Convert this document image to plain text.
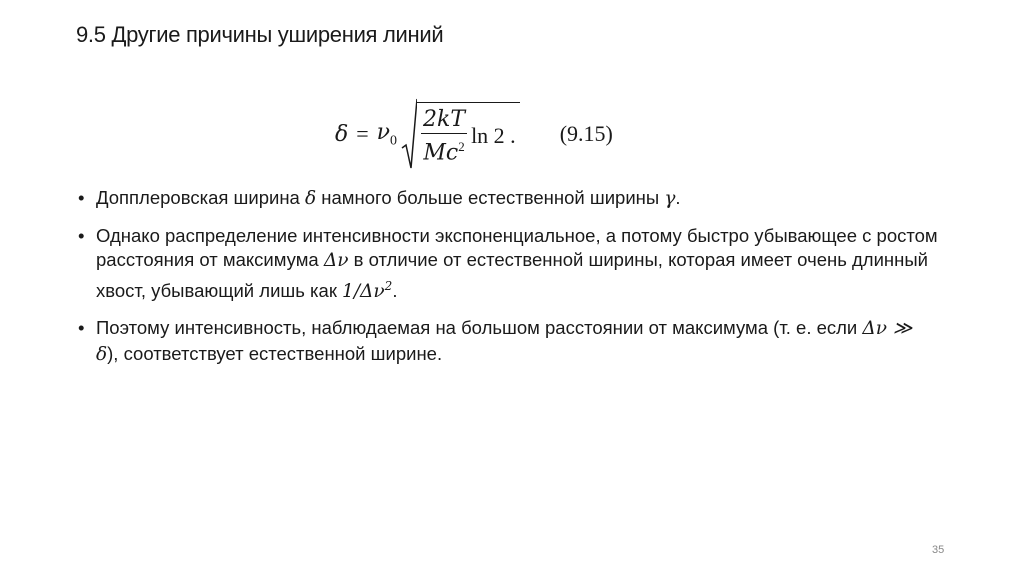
9.5 Другие причины уширения линий
$\delta = \nu_0 \frac{2kT}{Mc^2}$ ln 2 . (9.15)
• Допплеровская ширина δ намного больше естественной ширины γ.
• Однако распределение интенсивности экспоненциальное, а потому быстро убывающее с ростом расстояния от максимума Δν в отличие от естественной ширины, которая имеет очень длинный хвост, убывающий лишь как $1/\Delta\nu^2$.
• Поэтому интенсивность, наблюдаемая на большом расстоянии от максимума (т. е. если Δν ≫ δ), соответствует естественной ширине.
35
